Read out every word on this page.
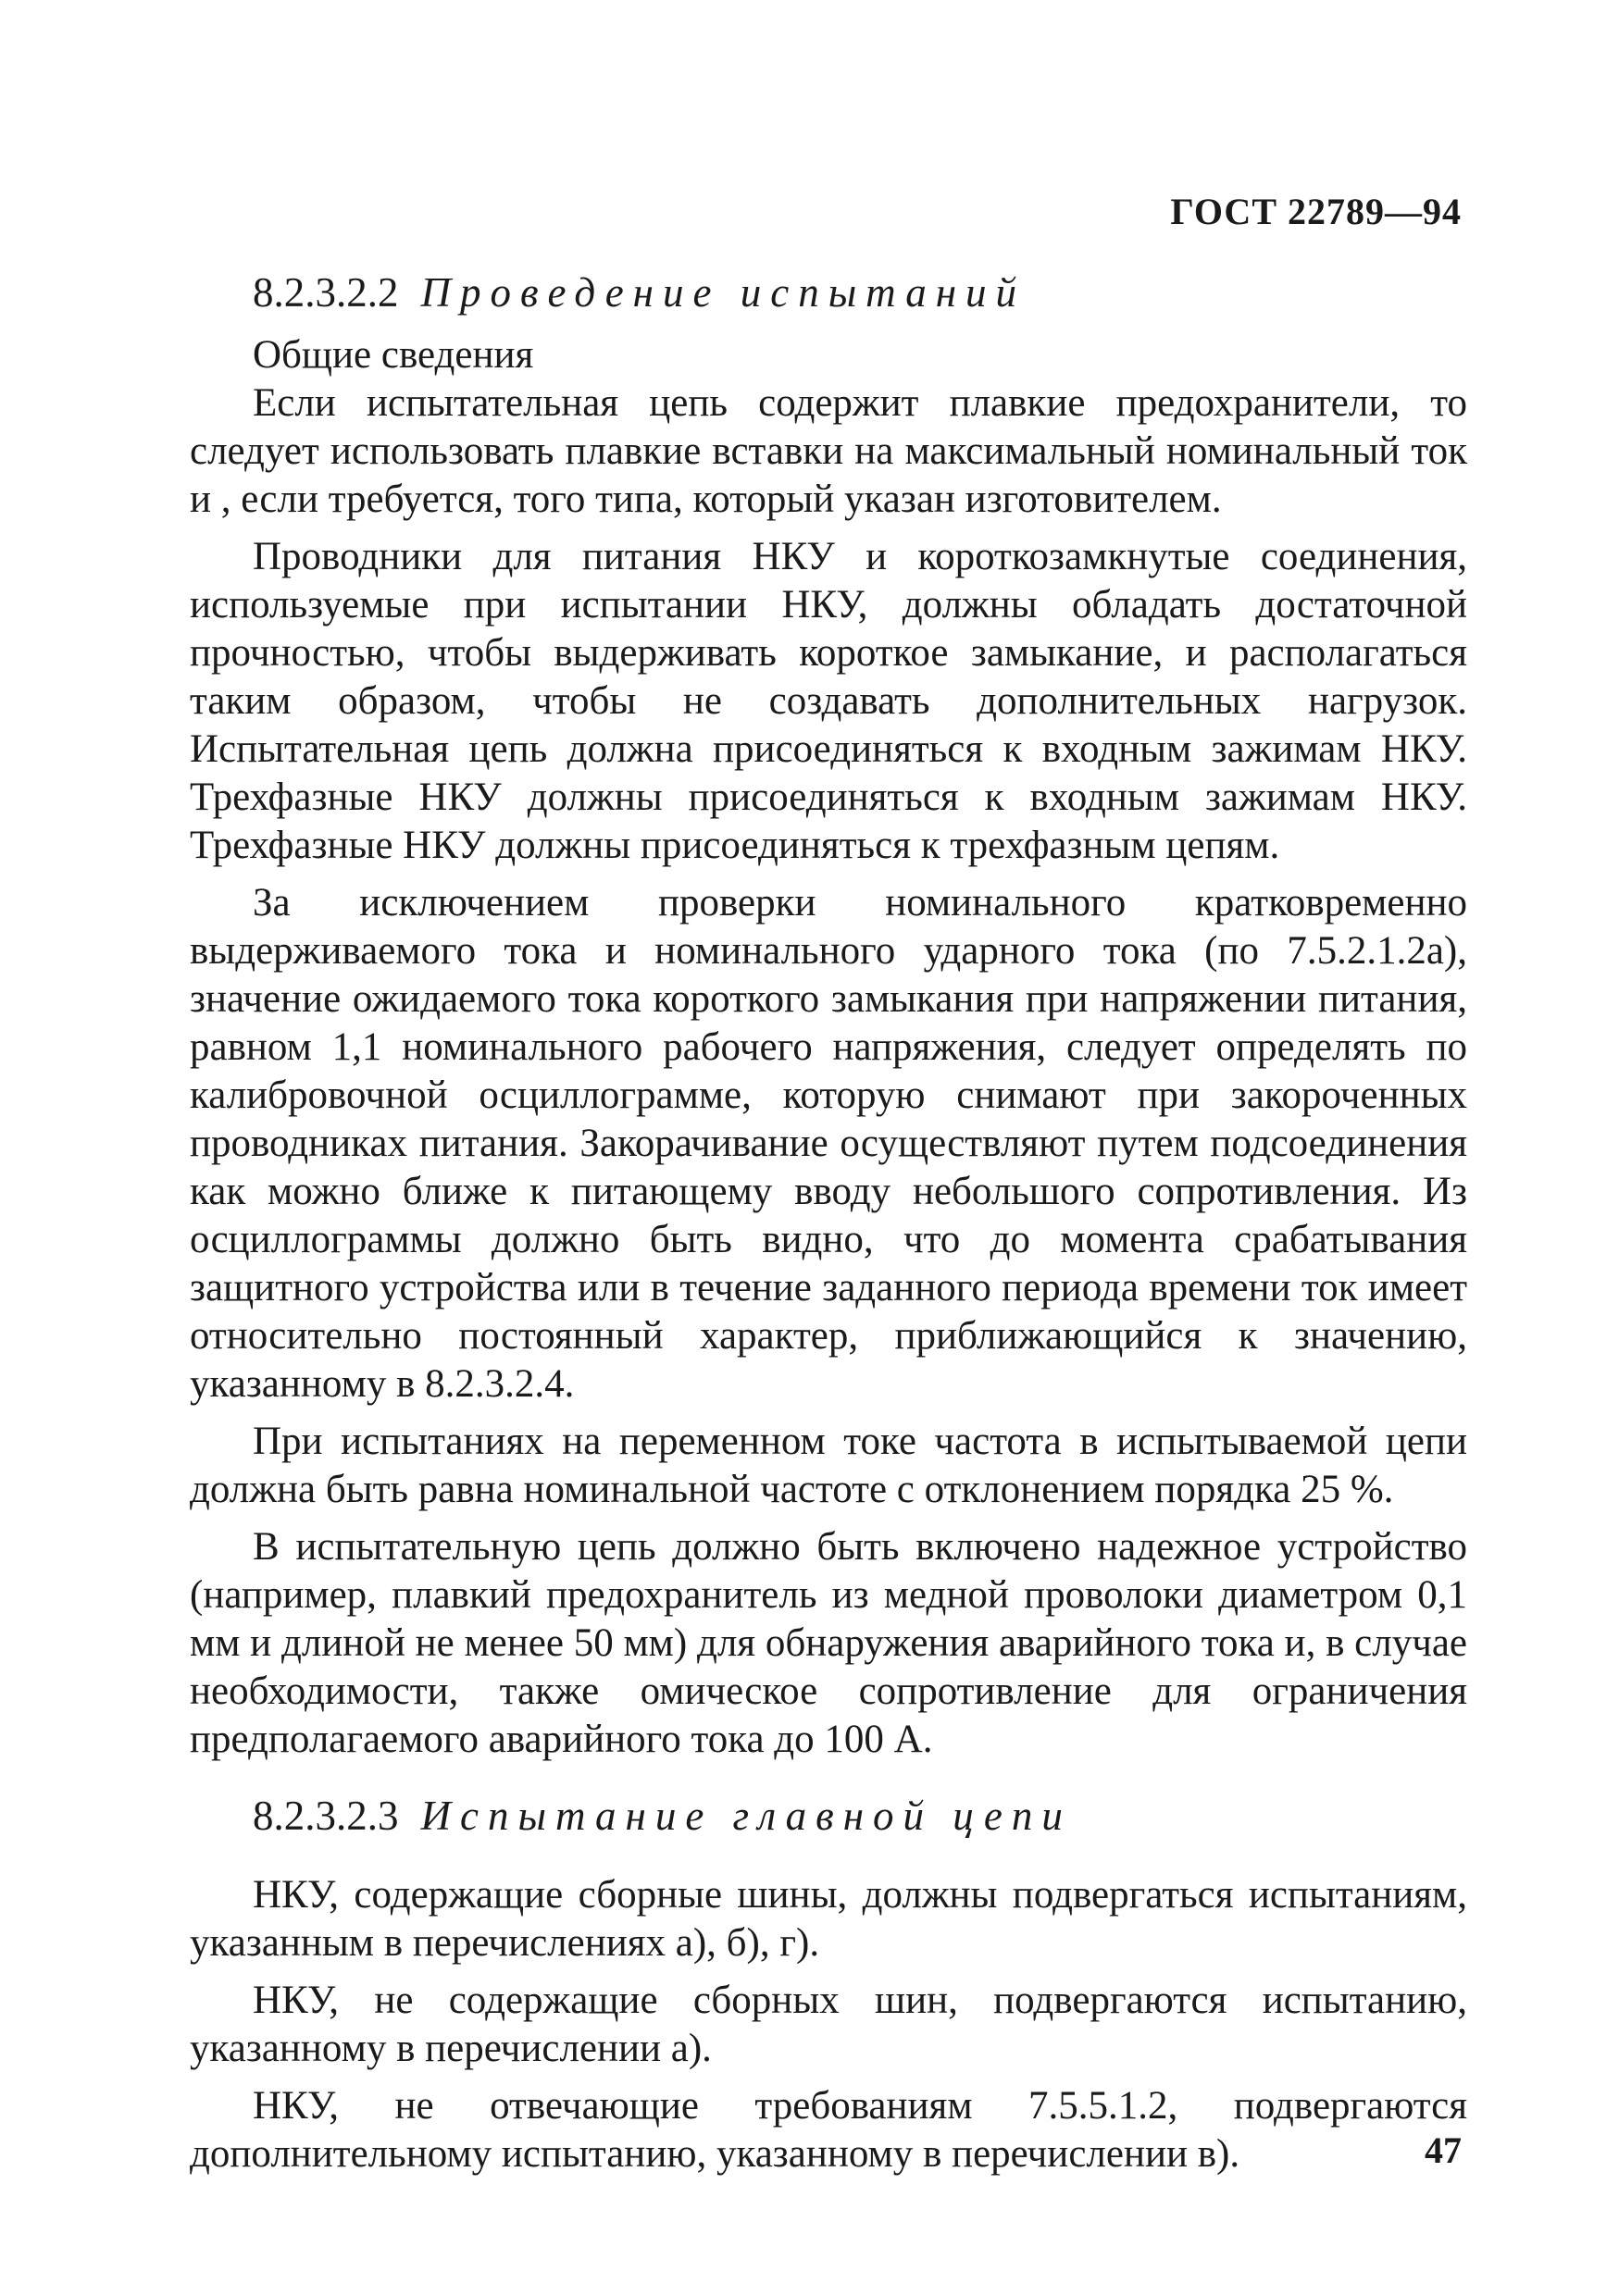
ГОСТ 22789—94
8.2.3.2.2 Проведение испытаний
Общие сведения

Если испытательная цепь содержит плавкие предохранители, то следует использовать плавкие вставки на максимальный номинальный ток и , если требуется, того типа, который указан изготовителем.

Проводники для питания НКУ и короткозамкнутые соединения, используемые при испытании НКУ, должны обладать достаточной прочностью, чтобы выдерживать короткое замыкание, и располагаться таким образом, чтобы не создавать дополнительных нагрузок. Испытательная цепь должна присоединяться к входным зажимам НКУ. Трехфазные НКУ должны присоединяться к входным зажимам НКУ. Трехфазные НКУ должны присоединяться к трехфазным цепям.

За исключением проверки номинального кратковременно выдерживаемого тока и номинального ударного тока (по 7.5.2.1.2а), значение ожидаемого тока короткого замыкания при напряжении питания, равном 1,1 номинального рабочего напряжения, следует определять по калибровочной осциллограмме, которую снимают при закороченных проводниках питания. Закорачивание осуществляют путем подсоединения как можно ближе к питающему вводу небольшого сопротивления. Из осциллограммы должно быть видно, что до момента срабатывания защитного устройства или в течение заданного периода времени ток имеет относительно постоянный характер, приближающийся к значению, указанному в 8.2.3.2.4.

При испытаниях на переменном токе частота в испытываемой цепи должна быть равна номинальной частоте с отклонением порядка 25 %.

В испытательную цепь должно быть включено надежное устройство (например, плавкий предохранитель из медной проволоки диаметром 0,1 мм и длиной не менее 50 мм) для обнаружения аварийного тока и, в случае необходимости, также омическое сопротивление для ограничения предполагаемого аварийного тока до 100 А.

8.2.3.2.3 Испытание главной цепи

НКУ, содержащие сборные шины, должны подвергаться испытаниям, указанным в перечислениях а), б), г).

НКУ, не содержащие сборных шин, подвергаются испытанию, указанному в перечислении а).

НКУ, не отвечающие требованиям 7.5.5.1.2, подвергаются дополнительному испытанию, указанному в перечислении в).	47
